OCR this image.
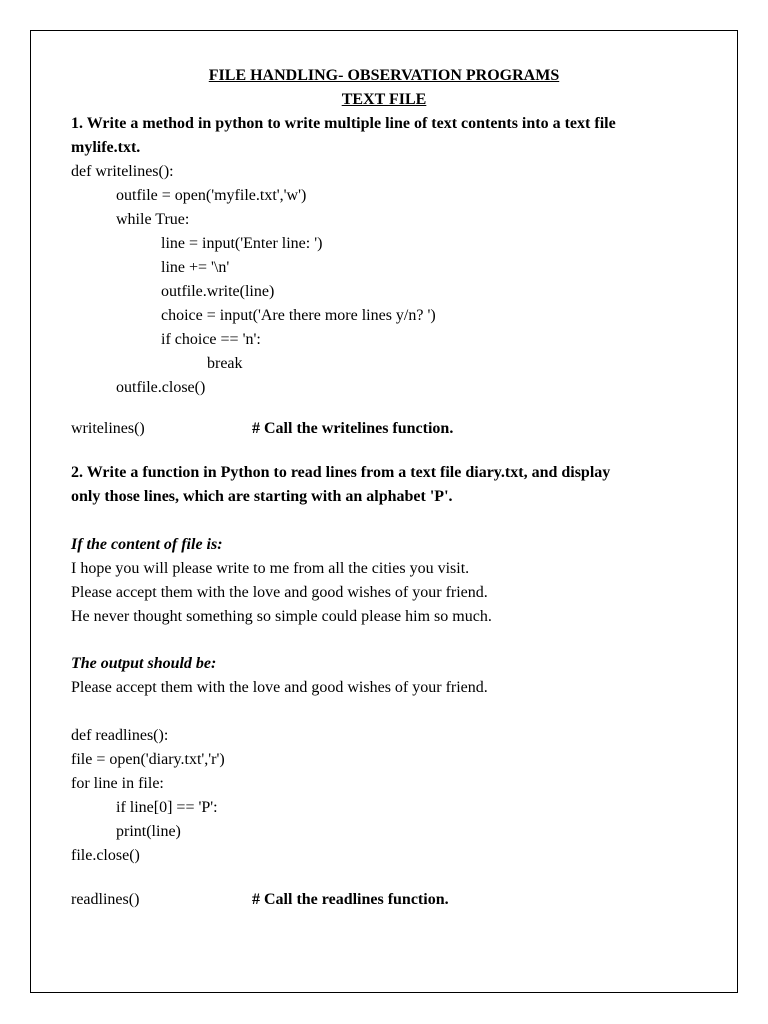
FILE HANDLING- OBSERVATION PROGRAMS
TEXT FILE
1. Write a method in python to write multiple line of text contents into a text file
mylife.txt.
def writelines():
outfile = open('myfile.txt','w')
while True:
line = input('Enter line: ')
line += '\n'
outfile.write(line)
choice = input('Are there more lines y/n? ')
if choice == 'n':
break
outfile.close()
writelines()	# Call the writelines function.
2. Write a function in Python to read lines from a text file diary.txt, and display
only those lines, which are starting with an alphabet 'P'.
If the content of file is:
I hope you will please write to me from all the cities you visit.
Please accept them with the love and good wishes of your friend.
He never thought something so simple could please him so much.
The output should be:
Please accept them with the love and good wishes of your friend.
def readlines():
file = open('diary.txt','r')
for line in file:
if line[0] == 'P':
print(line)
file.close()
readlines()	# Call the readlines function.
